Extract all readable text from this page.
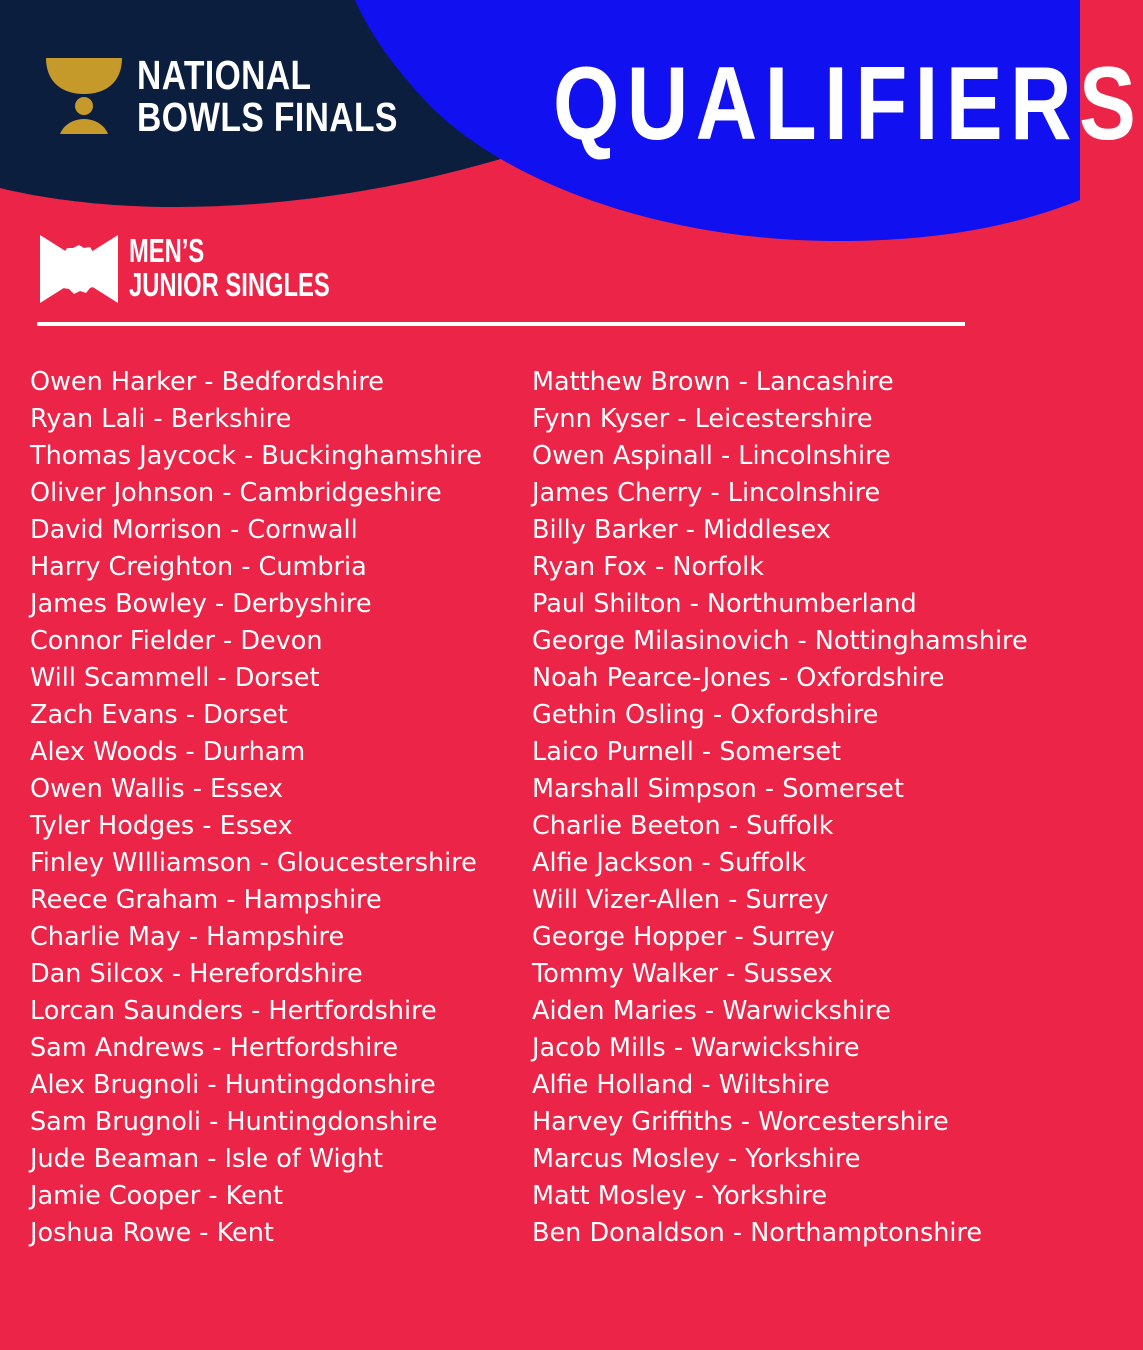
NATIONAL
BOWLS FINALS QUALIFIERS
MEN’S
JUNIOR SINGLES
Owen Harker - Bedfordshire
Ryan Lali - Berkshire
Thomas Jaycock - Buckinghamshire
Oliver Johnson - Cambridgeshire
David Morrison - Cornwall
Harry Creighton - Cumbria
James Bowley - Derbyshire
Connor Fielder - Devon
Will Scammell - Dorset
Zach Evans - Dorset
Alex Woods - Durham
Owen Wallis - Essex
Tyler Hodges - Essex
Finley WIlliamson - Gloucestershire
Reece Graham - Hampshire
Charlie May - Hampshire
Dan Silcox - Herefordshire
Lorcan Saunders - Hertfordshire
Sam Andrews - Hertfordshire
Alex Brugnoli - Huntingdonshire
Sam Brugnoli - Huntingdonshire
Jude Beaman - Isle of Wight
Jamie Cooper - Kent
Joshua Rowe - Kent
Matthew Brown - Lancashire
Fynn Kyser - Leicestershire
Owen Aspinall - Lincolnshire
James Cherry - Lincolnshire
Billy Barker - Middlesex
Ryan Fox - Norfolk
Paul Shilton - Northumberland
George Milasinovich - Nottinghamshire
Noah Pearce-Jones - Oxfordshire
Gethin Osling - Oxfordshire
Laico Purnell - Somerset
Marshall Simpson - Somerset
Charlie Beeton - Suffolk
Alfie Jackson - Suffolk
Will Vizer-Allen - Surrey
George Hopper - Surrey
Tommy Walker - Sussex
Aiden Maries - Warwickshire
Jacob Mills - Warwickshire
Alfie Holland - Wiltshire
Harvey Griffiths - Worcestershire
Marcus Mosley - Yorkshire
Matt Mosley - Yorkshire
Ben Donaldson - Northamptonshire
